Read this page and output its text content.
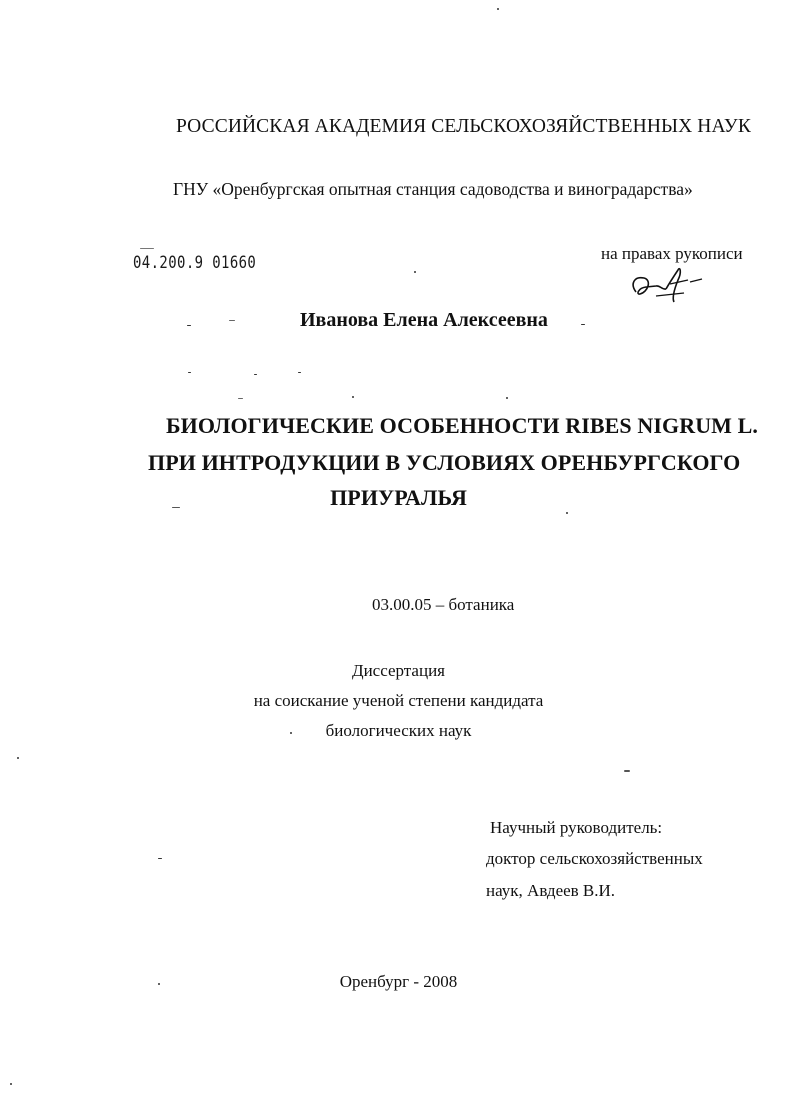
РОССИЙСКАЯ АКАДЕМИЯ СЕЛЬСКОХОЗЯЙСТВЕННЫХ НАУК
ГНУ «Оренбургская опытная станция садоводства и виноградарства»
04.200.9 01660	на правах рукописи
Иванова Елена Алексеевна
БИОЛОГИЧЕСКИЕ ОСОБЕННОСТИ RIBES NIGRUM L.
ПРИ ИНТРОДУКЦИИ В УСЛОВИЯХ ОРЕНБУРГСКОГО
ПРИУРАЛЬЯ
03.00.05 – ботаника
Диссертация
на соискание ученой степени кандидата
биологических наук
Научный руководитель:
доктор сельскохозяйственных
наук, Авдеев В.И.
Оренбург - 2008
